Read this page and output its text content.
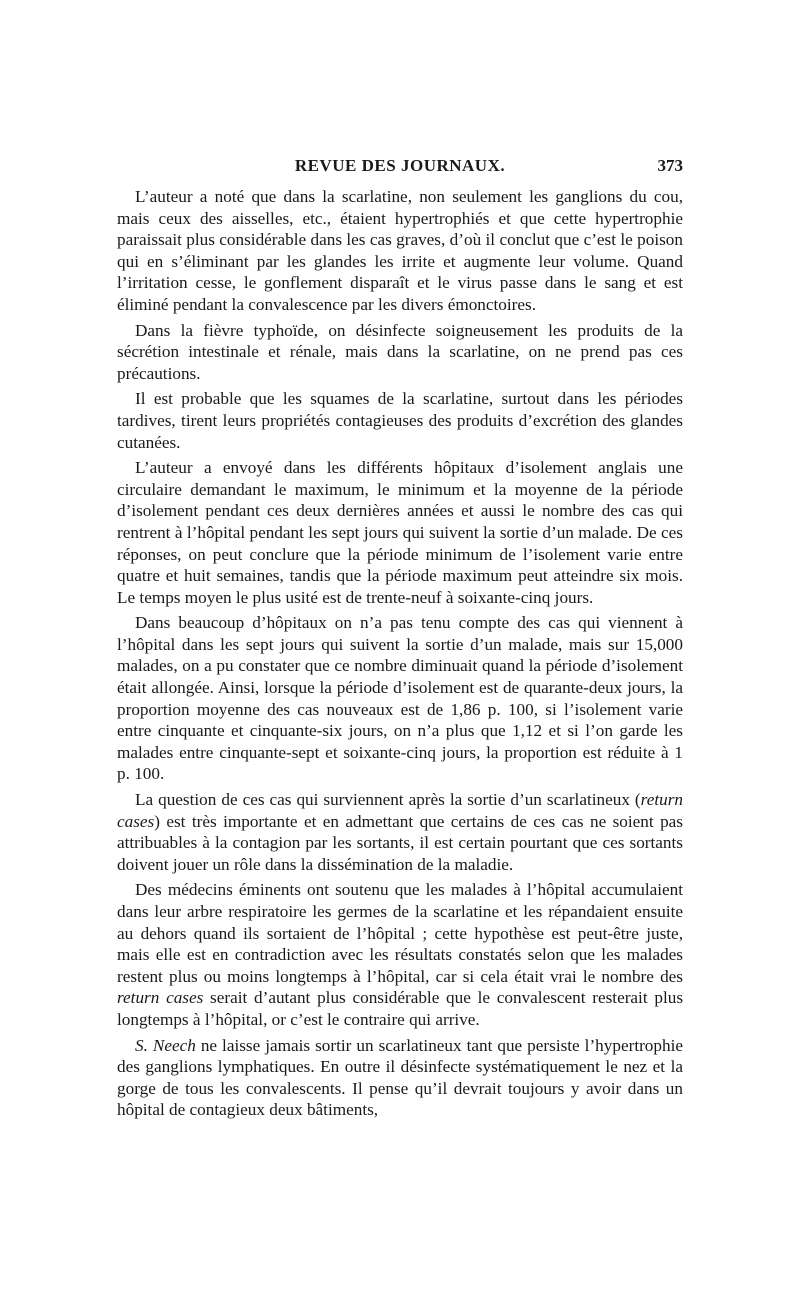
REVUE DES JOURNAUX.	373

L’auteur a noté que dans la scarlatine, non seulement les ganglions du cou, mais ceux des aisselles, etc., étaient hypertrophiés et que cette hypertrophie paraissait plus considérable dans les cas graves, d’où il conclut que c’est le poison qui en s’éliminant par les glandes les irrite et augmente leur volume. Quand l’irritation cesse, le gonflement disparaît et le virus passe dans le sang et est éliminé pendant la convalescence par les divers émonctoires.

Dans la fièvre typhoïde, on désinfecte soigneusement les produits de la sécrétion intestinale et rénale, mais dans la scarlatine, on ne prend pas ces précautions.

Il est probable que les squames de la scarlatine, surtout dans les périodes tardives, tirent leurs propriétés contagieuses des produits d’excrétion des glandes cutanées.

L’auteur a envoyé dans les différents hôpitaux d’isolement anglais une circulaire demandant le maximum, le minimum et la moyenne de la période d’isolement pendant ces deux dernières années et aussi le nombre des cas qui rentrent à l’hôpital pendant les sept jours qui suivent la sortie d’un malade. De ces réponses, on peut conclure que la période minimum de l’isolement varie entre quatre et huit semaines, tandis que la période maximum peut atteindre six mois. Le temps moyen le plus usité est de trente-neuf à soixante-cinq jours.

Dans beaucoup d’hôpitaux on n’a pas tenu compte des cas qui viennent à l’hôpital dans les sept jours qui suivent la sortie d’un malade, mais sur 15,000 malades, on a pu constater que ce nombre diminuait quand la période d’isolement était allongée. Ainsi, lorsque la période d’isolement est de quarante-deux jours, la proportion moyenne des cas nouveaux est de 1,86 p. 100, si l’isolement varie entre cinquante et cinquante-six jours, on n’a plus que 1,12 et si l’on garde les malades entre cinquante-sept et soixante-cinq jours, la proportion est réduite à 1 p. 100.

La question de ces cas qui surviennent après la sortie d’un scarlatineux (return cases) est très importante et en admettant que certains de ces cas ne soient pas attribuables à la contagion par les sortants, il est certain pourtant que ces sortants doivent jouer un rôle dans la dissémination de la maladie.

Des médecins éminents ont soutenu que les malades à l’hôpital accumulaient dans leur arbre respiratoire les germes de la scarlatine et les répandaient ensuite au dehors quand ils sortaient de l’hôpital ; cette hypothèse est peut-être juste, mais elle est en contradiction avec les résultats constatés selon que les malades restent plus ou moins longtemps à l’hôpital, car si cela était vrai le nombre des return cases serait d’autant plus considérable que le convalescent resterait plus longtemps à l’hôpital, or c’est le contraire qui arrive.

S. Neech ne laisse jamais sortir un scarlatineux tant que persiste l’hypertrophie des ganglions lymphatiques. En outre il désinfecte systématiquement le nez et la gorge de tous les convalescents. Il pense qu’il devrait toujours y avoir dans un hôpital de contagieux deux bâtiments,
